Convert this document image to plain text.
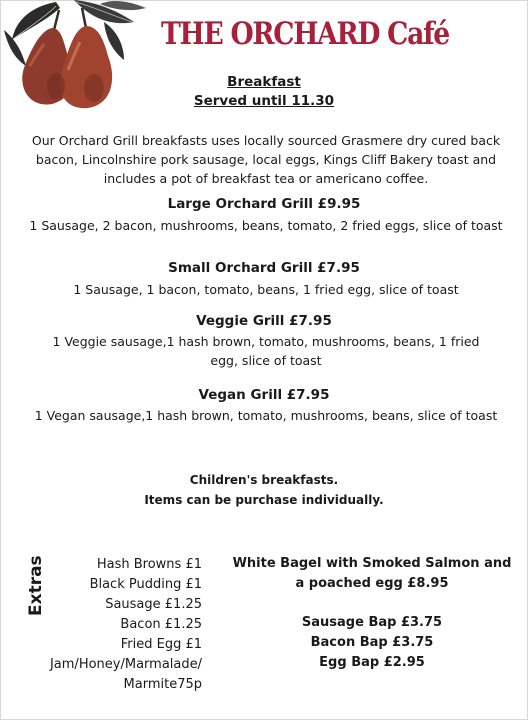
THE ORCHARD Café
Breakfast
Served until 11.30
Our Orchard Grill breakfasts uses locally sourced Grasmere dry cured back bacon, Lincolnshire pork sausage, local eggs, Kings Cliff Bakery toast and includes a pot of breakfast tea or americano coffee.
Large Orchard Grill £9.95
1 Sausage, 2 bacon, mushrooms, beans, tomato, 2 fried eggs, slice of toast
Small Orchard Grill £7.95
1 Sausage, 1 bacon, tomato, beans, 1 fried egg, slice of toast
Veggie Grill £7.95
1 Veggie sausage,1 hash brown, tomato, mushrooms, beans, 1 fried egg, slice of toast
Vegan Grill £7.95
1 Vegan sausage,1 hash brown, tomato, mushrooms, beans, slice of toast
Children's breakfasts.
Items can be purchase individually.
Extras	Hash Browns £1
Black Pudding £1
Sausage £1.25
Bacon £1.25
Fried Egg £1
Jam/Honey/Marmalade/
Marmite75p
White Bagel with Smoked Salmon and
a poached egg £8.95
Sausage Bap £3.75
Bacon Bap £3.75
Egg Bap £2.95
